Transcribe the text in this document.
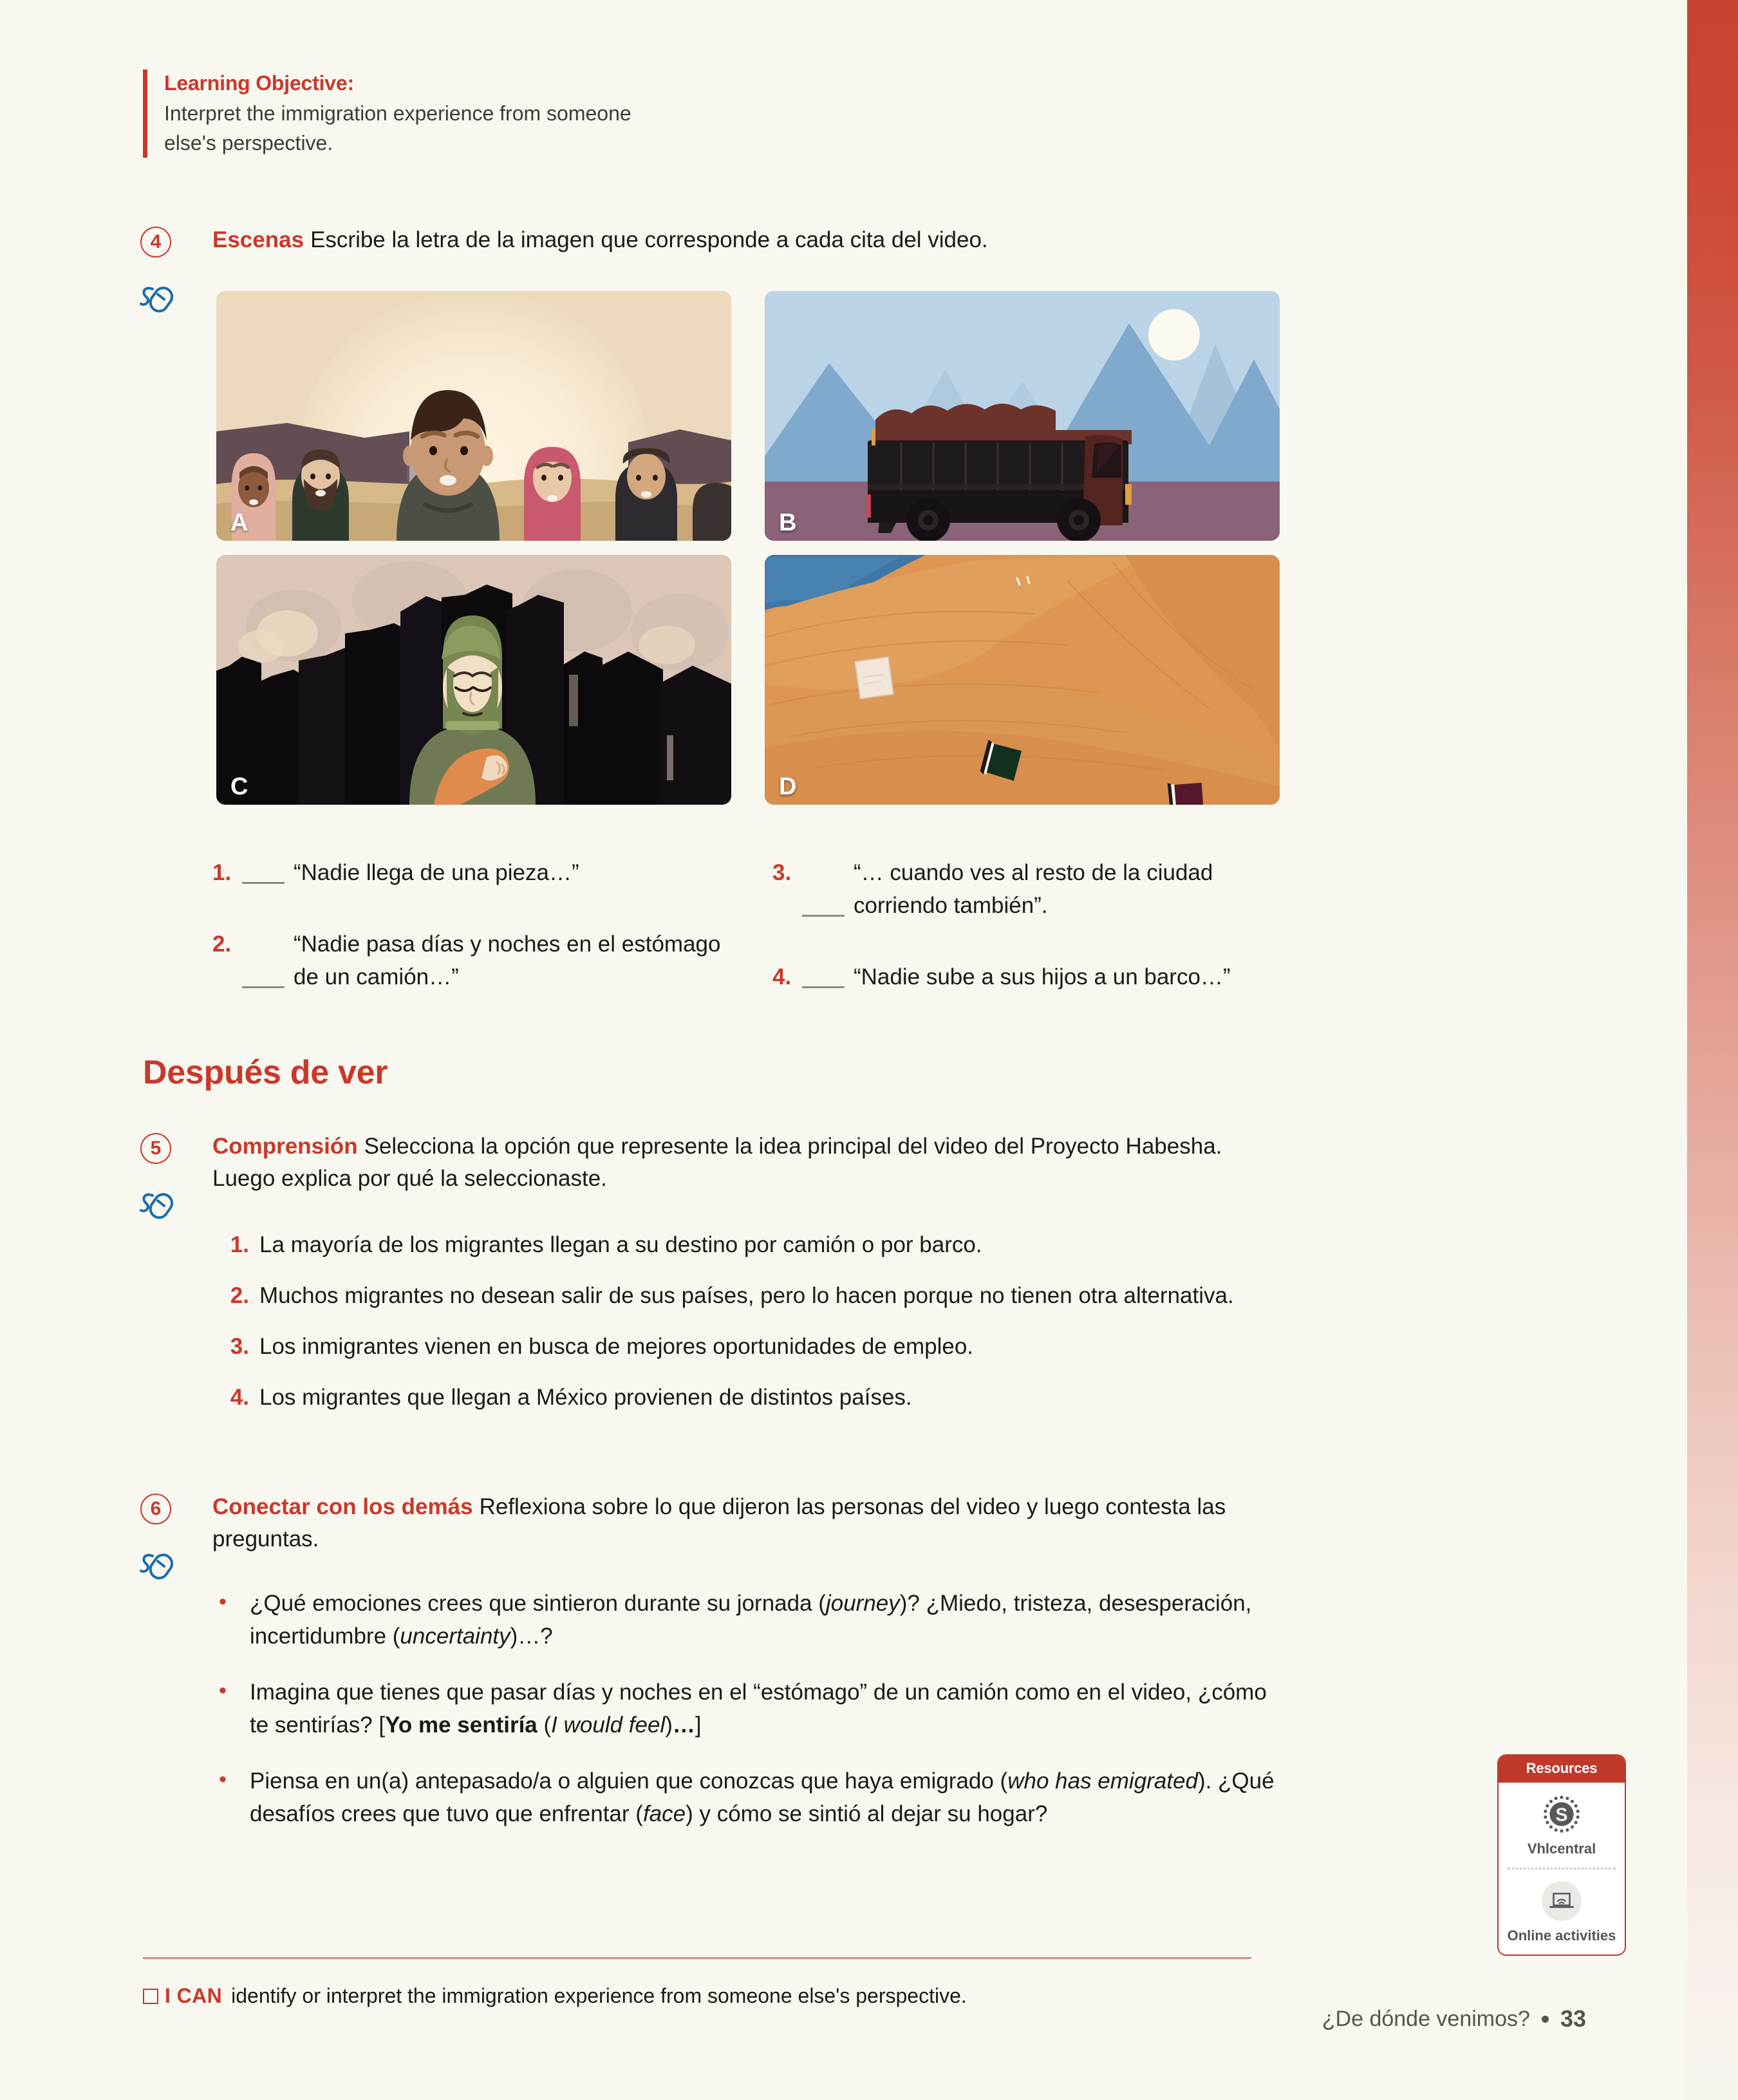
Learning Objective:
Interpret the immigration experience from someone else's perspective.
4	Escenas Escribe la letra de la imagen que corresponde a cada cita del video.
A	B
C	D
1.	“Nadie llega de una pieza…”
2.	“Nadie pasa días y noches en el estómago de un camión…”
3.	“… cuando ves al resto de la ciudad corriendo también”.
4.	“Nadie sube a sus hijos a un barco…”
Después de ver
5	Comprensión Selecciona la opción que represente la idea principal del video del Proyecto Habesha. Luego explica por qué la seleccionaste.
1. La mayoría de los migrantes llegan a su destino por camión o por barco.
2. Muchos migrantes no desean salir de sus países, pero lo hacen porque no tienen otra alternativa.
3. Los inmigrantes vienen en busca de mejores oportunidades de empleo.
4. Los migrantes que llegan a México provienen de distintos países.
6	Conectar con los demás Reflexiona sobre lo que dijeron las personas del video y luego contesta las preguntas.
•	¿Qué emociones crees que sintieron durante su jornada (journey)? ¿Miedo, tristeza, desesperación, incertidumbre (uncertainty)…?
•	Imagina que tienes que pasar días y noches en el “estómago” de un camión como en el video, ¿cómo te sentirías? [Yo me sentiría (I would feel)…]
•	Piensa en un(a) antepasado/a o alguien que conozcas que haya emigrado (who has emigrated). ¿Qué desafíos crees que tuvo que enfrentar (face) y cómo se sintió al dejar su hogar?
I CAN identify or interpret the immigration experience from someone else's perspective.
Resources
S
Vhlcentral
Online activities
¿De dónde venimos? 33
